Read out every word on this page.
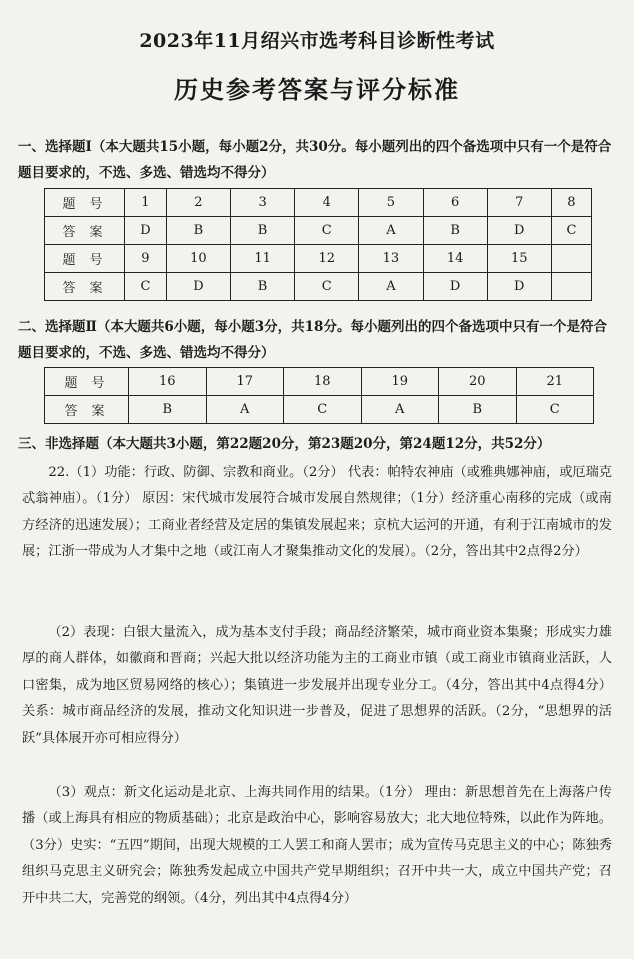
2023年11月绍兴市选考科目诊断性考试
历史参考答案与评分标准
一、选择题Ⅰ（本大题共15小题，每小题2分，共30分。每小题列出的四个备选项中只有一个是符合题目要求的，不选、多选、错选均不得分）
题号	1	2	3	4	5	6	7	8
答案	D	B	B	C	A	B	D	C
题号	9	10	11	12	13	14	15	
答案	C	D	B	C	A	D	D	
二、选择题Ⅱ（本大题共6小题，每小题3分，共18分。每小题列出的四个备选项中只有一个是符合题目要求的，不选、多选、错选均不得分）
题号	16	17	18	19	20	21
答案	B	A	C	A	B	C
三、非选择题（本大题共3小题，第22题20分，第23题20分，第24题12分，共52分）
22.（1）功能：行政、防御、宗教和商业。（2分） 代表：帕特农神庙（或雅典娜神庙，或厄瑞克忒翁神庙）。（1分） 原因：宋代城市发展符合城市发展自然规律；（1分）经济重心南移的完成（或南方经济的迅速发展）；工商业者经营及定居的集镇发展起来；京杭大运河的开通，有利于江南城市的发展；江浙一带成为人才集中之地（或江南人才聚集推动文化的发展）。（2分，答出其中2点得2分）
（2）表现：白银大量流入，成为基本支付手段；商品经济繁荣，城市商业资本集聚；形成实力雄厚的商人群体，如徽商和晋商；兴起大批以经济功能为主的工商业市镇（或工商业市镇商业活跃，人口密集，成为地区贸易网络的核心）；集镇进一步发展并出现专业分工。（4分，答出其中4点得4分） 关系：城市商品经济的发展，推动文化知识进一步普及，促进了思想界的活跃。（2分，“思想界的活跃”具体展开亦可相应得分）
（3）观点：新文化运动是北京、上海共同作用的结果。（1分） 理由：新思想首先在上海落户传播（或上海具有相应的物质基础）；北京是政治中心，影响容易放大；北大地位特殊，以此作为阵地。（3分）史实：“五四”期间，出现大规模的工人罢工和商人罢市；成为宣传马克思主义的中心；陈独秀组织马克思主义研究会；陈独秀发起成立中国共产党早期组织；召开中共一大，成立中国共产党；召开中共二大，完善党的纲领。（4分，列出其中4点得4分）
